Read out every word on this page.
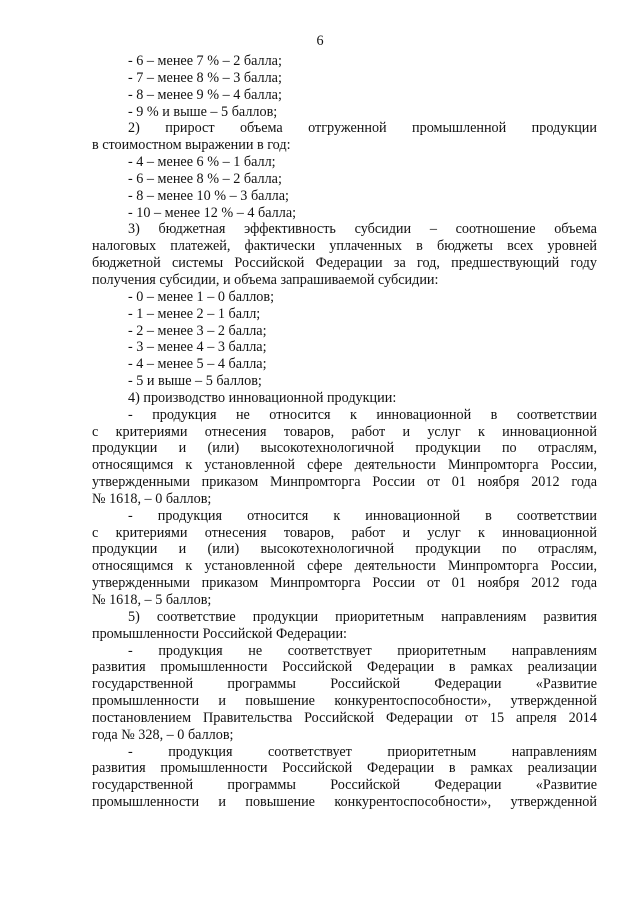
6
- 6 – менее 7 % – 2 балла;
- 7 – менее 8 % – 3 балла;
- 8 – менее 9 % – 4 балла;
- 9 % и выше – 5 баллов;
2) прирост объема отгруженной промышленной продукции
в стоимостном выражении в год:
- 4 – менее 6 % – 1 балл;
- 6 – менее 8 % – 2 балла;
- 8 – менее 10 % – 3 балла;
- 10 – менее 12 % – 4 балла;
3) бюджетная эффективность субсидии – соотношение объема
налоговых платежей, фактически уплаченных в бюджеты всех уровней
бюджетной системы Российской Федерации за год, предшествующий году
получения субсидии, и объема запрашиваемой субсидии:
- 0 – менее 1 – 0 баллов;
- 1 – менее 2 – 1 балл;
- 2 – менее 3 – 2 балла;
- 3 – менее 4 – 3 балла;
- 4 – менее 5 – 4 балла;
- 5 и выше – 5 баллов;
4) производство инновационной продукции:
- продукция не относится к инновационной в соответствии
с критериями отнесения товаров, работ и услуг к инновационной
продукции и (или) высокотехнологичной продукции по отраслям,
относящимся к установленной сфере деятельности Минпромторга России,
утвержденными приказом Минпромторга России от 01 ноября 2012 года
№ 1618, – 0 баллов;
- продукция относится к инновационной в соответствии
с критериями отнесения товаров, работ и услуг к инновационной
продукции и (или) высокотехнологичной продукции по отраслям,
относящимся к установленной сфере деятельности Минпромторга России,
утвержденными приказом Минпромторга России от 01 ноября 2012 года
№ 1618, – 5 баллов;
5) соответствие продукции приоритетным направлениям развития
промышленности Российской Федерации:
- продукция не соответствует приоритетным направлениям
развития промышленности Российской Федерации в рамках реализации
государственной программы Российской Федерации «Развитие
промышленности и повышение конкурентоспособности», утвержденной
постановлением Правительства Российской Федерации от 15 апреля 2014
года № 328, – 0 баллов;
- продукция соответствует приоритетным направлениям
развития промышленности Российской Федерации в рамках реализации
государственной программы Российской Федерации «Развитие
промышленности и повышение конкурентоспособности», утвержденной
